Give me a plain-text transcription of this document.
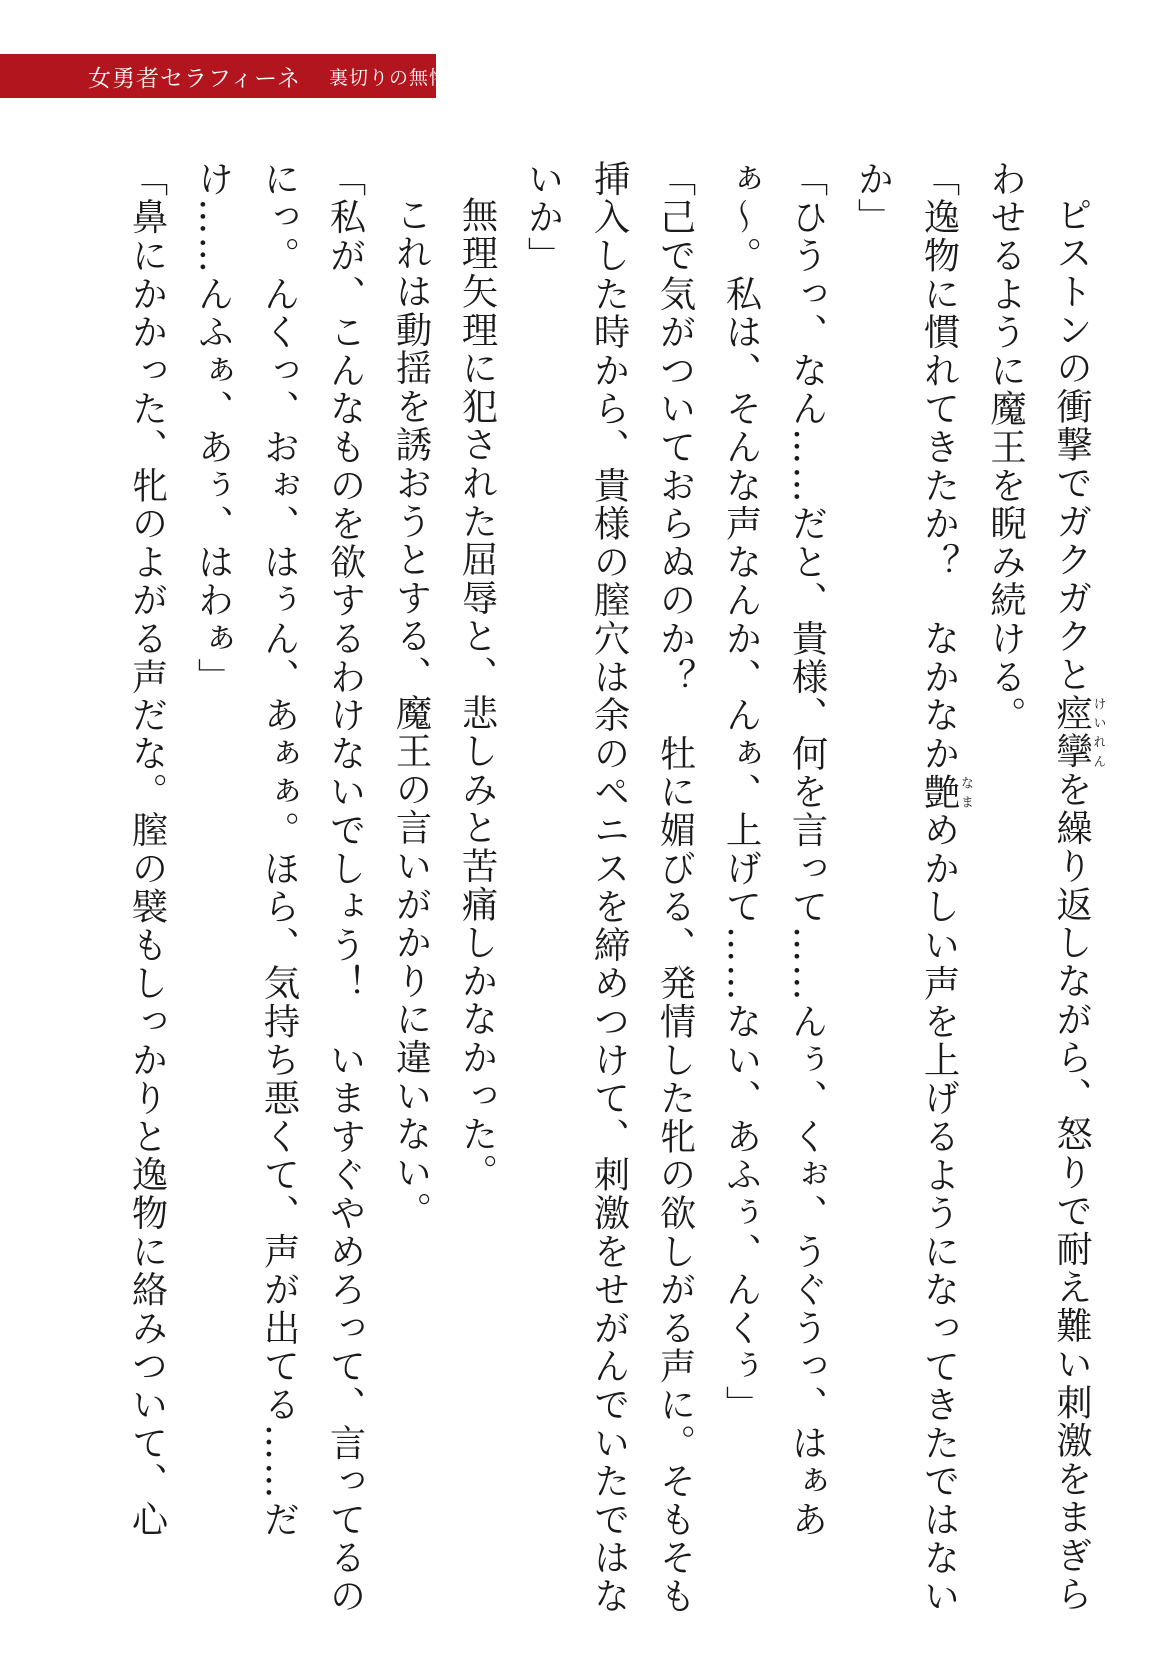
女勇者セラフィーネ 裏切りの無惨劇

ピストンの衝撃でガクガクと痙攣けいれんを繰り返しながら、怒りで耐え難い刺激をまぎらわせるように魔王を睨み続ける。

「逸物に慣れてきたか？　なかなか艶なまめかしい声を上げるようになってきたではないか」

「ひうっ、なん……だと、貴様、何を言って……んぅ、くぉ、うぐうっ、はぁあぁ〜。私は、そんな声なんか、んぁ、上げて……ない、あふぅ、んくぅ」

「己で気がついておらぬのか？　牡に媚びる、発情した牝の欲しがる声に。そもそも挿入した時から、貴様の膣穴は余のペニスを締めつけて、刺激をせがんでいたではないか」

無理矢理に犯された屈辱と、悲しみと苦痛しかなかった。

これは動揺を誘おうとする、魔王の言いがかりに違いない。

「私が、こんなものを欲するわけないでしょう！　いますぐやめろって、言ってるのにっ。んくっ、おぉ、はぅん、あぁぁ。ほら、気持ち悪くて、声が出てる……だけ……んふぁ、あぅ、はわぁ」

「鼻にかかった、牝のよがる声だな。膣の襞もしっかりと逸物に絡みついて、心
